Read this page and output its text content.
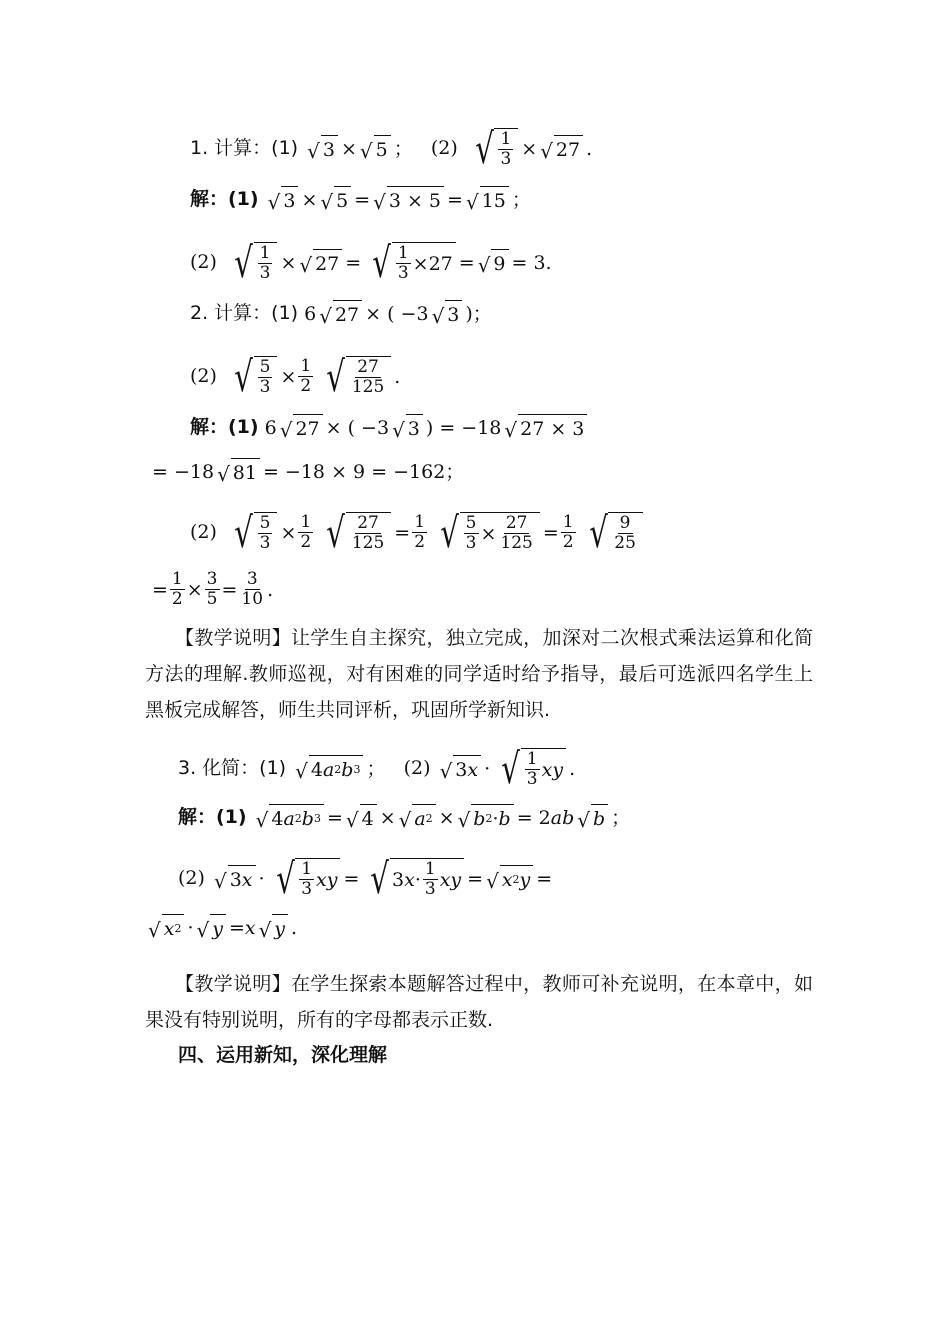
1. 计算：(1) √ 3 × √ 5 ； (2) √ $\frac{1}{3}$ × √ 27 .
解：(1) √ 3 × √ 5 = √ 3 × 5 = √ 15 ；
(2) √ $\frac{1}{3}$ × √ 27 = √ $\frac{1}{3} \times 27$ = √ 9 = 3.
2. 计算：(1) 6 √ 27 × ( −3 √ 3 ) ；
(2) √ $\frac{5}{3} \times \frac{1}{2}$ √ $\frac{27}{125}$ .
解：(1) 6 √ 27 × ( −3 √ 3 ) = −18 √ 27 × 3
= −18 √ 81 = −18 × 9 = −162 ；
(2) √ $\frac{5}{3} \times \frac{1}{2}$ √ $\frac{27}{125} = \frac{1}{2}$ √ $\frac{5}{3} \times \frac{27}{125} = \frac{1}{2}$ √ $\frac{9}{25}$
= $\frac{1}{2} \times \frac{3}{5} = \frac{3}{10}$ .
【教学说明】让学生自主探究，独立完成，加深对二次根式乘法运算和化简方法的理解.教师巡视，对有困难的同学适时给予指导，最后可选派四名学生上黑板完成解答，师生共同评析，巩固所学新知识.
3. 化简：(1) √ 4 a 2 b 3 ； (2) √ 3 x · √ $\frac{1}{3}$ xy .
解：(1) √ 4 a 2 b 3 = √ 4 × √ a 2 × √ b 2 · b = 2 ab √ b ；
(2) √ 3 x · √ $\frac{1}{3}$ xy = √ 3 $x \cdot \frac{1}{3}$ xy = √ x 2 y =
√ x 2 · √ y = x √ y .
【教学说明】在学生探索本题解答过程中，教师可补充说明，在本章中，如果没有特别说明，所有的字母都表示正数.
四、运用新知，深化理解
